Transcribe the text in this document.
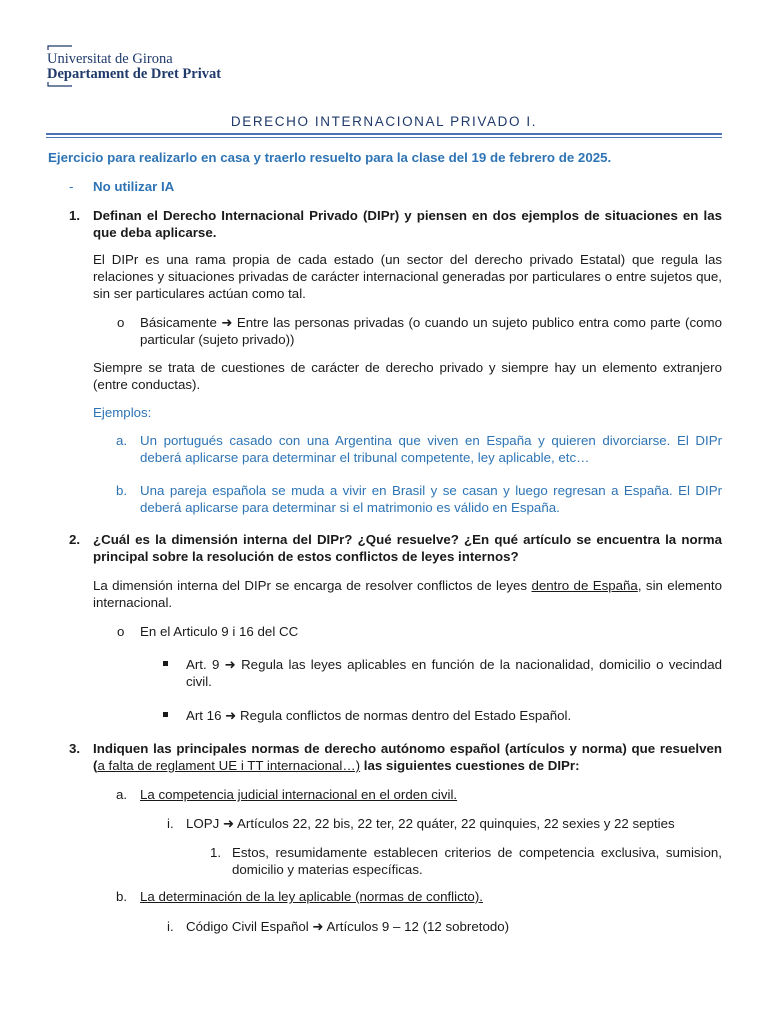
Universitat de Girona
Departament de Dret Privat
DERECHO INTERNACIONAL PRIVADO I.
Ejercicio para realizarlo en casa y traerlo resuelto para la clase del 19 de febrero de 2025.
- No utilizar IA
1. Definan el Derecho Internacional Privado (DIPr) y piensen en dos ejemplos de situaciones en las que deba aplicarse.
El DIPr es una rama propia de cada estado (un sector del derecho privado Estatal) que regula las relaciones y situaciones privadas de carácter internacional generadas por particulares o entre sujetos que, sin ser particulares actúan como tal.
o Básicamente ➜ Entre las personas privadas (o cuando un sujeto publico entra como parte (como particular (sujeto privado))
Siempre se trata de cuestiones de carácter de derecho privado y siempre hay un elemento extranjero (entre conductas).
Ejemplos:
a. Un portugués casado con una Argentina que viven en España y quieren divorciarse. El DIPr deberá aplicarse para determinar el tribunal competente, ley aplicable, etc…
b. Una pareja española se muda a vivir en Brasil y se casan y luego regresan a España. El DIPr deberá aplicarse para determinar si el matrimonio es válido en España.
2. ¿Cuál es la dimensión interna del DIPr? ¿Qué resuelve? ¿En qué artículo se encuentra la norma principal sobre la resolución de estos conflictos de leyes internos?
La dimensión interna del DIPr se encarga de resolver conflictos de leyes dentro de España, sin elemento internacional.
o En el Articulo 9 i 16 del CC
Art. 9 ➜ Regula las leyes aplicables en función de la nacionalidad, domicilio o vecindad civil.
Art 16 ➜ Regula conflictos de normas dentro del Estado Español.
3. Indiquen las principales normas de derecho autónomo español (artículos y norma) que resuelven (a falta de reglament UE i TT internacional…) las siguientes cuestiones de DIPr:
a. La competencia judicial internacional en el orden civil.
i. LOPJ ➜ Artículos 22, 22 bis, 22 ter, 22 quáter, 22 quinquies, 22 sexies y 22 septies
1. Estos, resumidamente establecen criterios de competencia exclusiva, sumision, domicilio y materias específicas.
b. La determinación de la ley aplicable (normas de conflicto).
i. Código Civil Español ➜ Artículos 9 – 12 (12 sobretodo)
